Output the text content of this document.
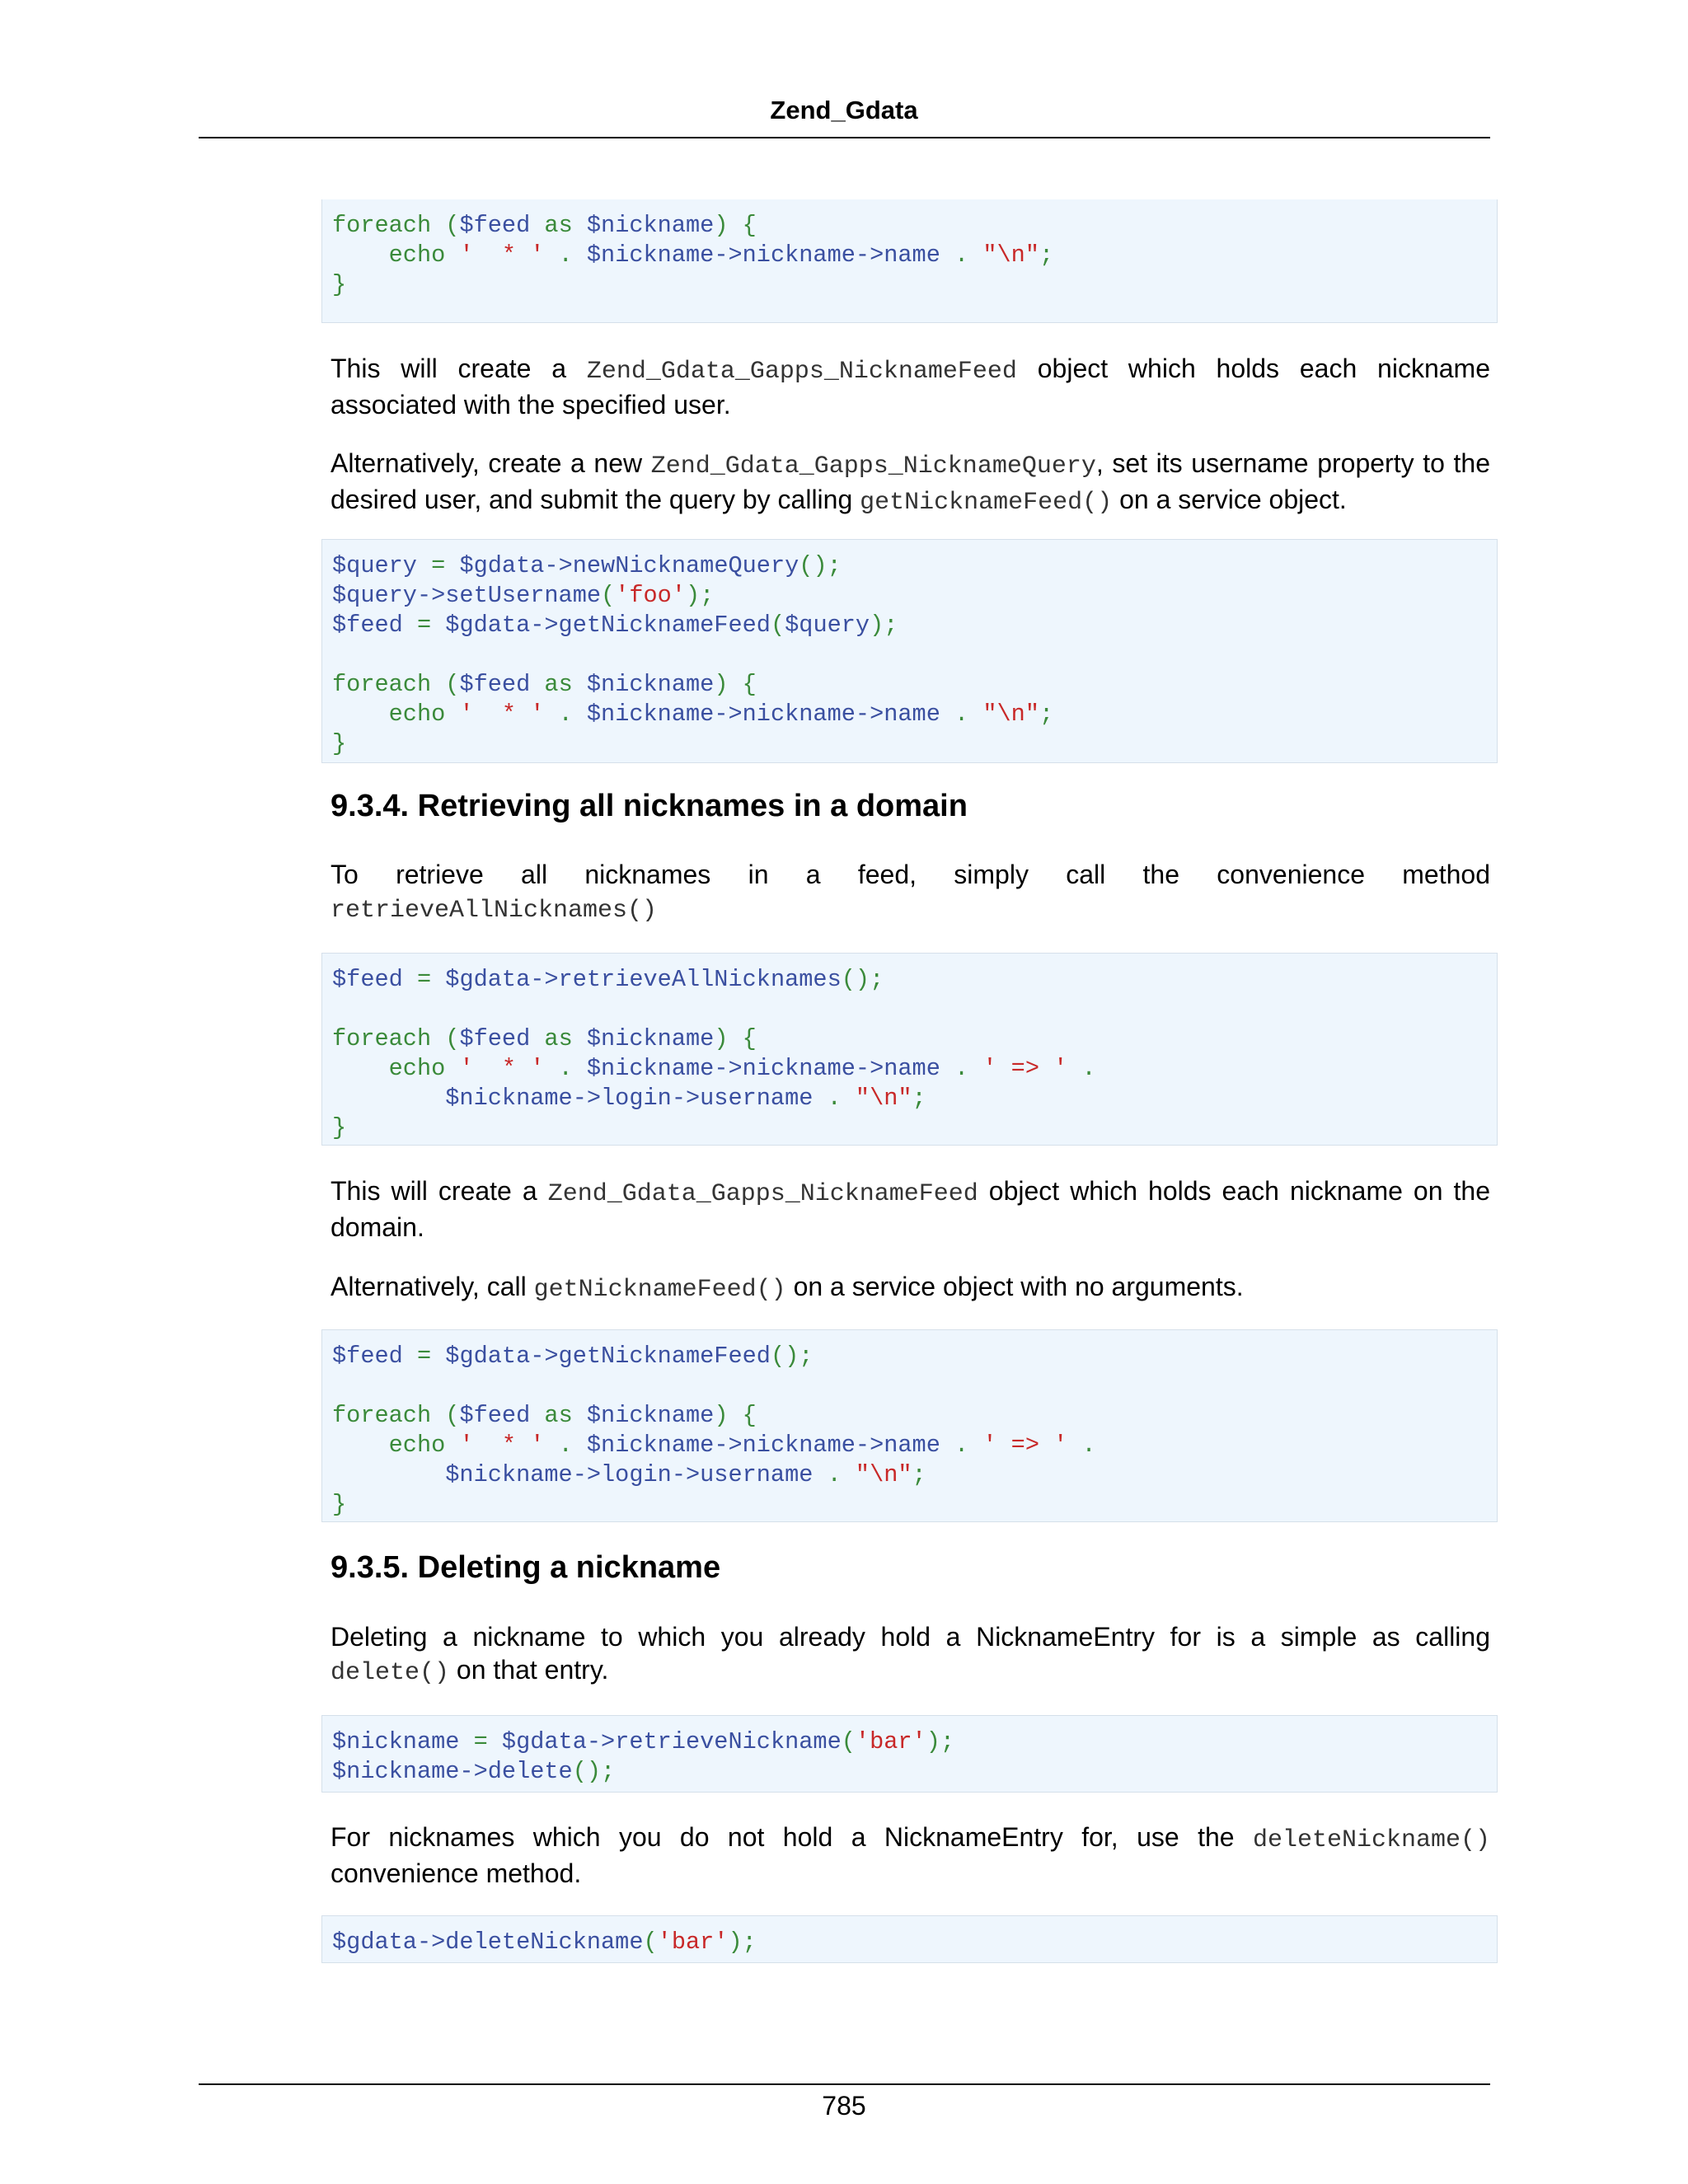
Zend_Gdata
foreach ($feed as $nickname) {
echo '  * ' . $nickname->nickname->name . "\n";
}

This will create a Zend_Gdata_Gapps_NicknameFeed object which holds each nickname associated with the specified user.

Alternatively, create a new Zend_Gdata_Gapps_NicknameQuery, set its username property to the desired user, and submit the query by calling getNicknameFeed() on a service object.

$query = $gdata->newNicknameQuery();
$query->setUsername('foo');
$feed = $gdata->getNicknameFeed($query);
foreach ($feed as $nickname) {
echo '  * ' . $nickname->nickname->name . "\n";
}
9.3.4. Retrieving all nicknames in a domain

To retrieve all nicknames in a feed, simply call the convenience method retrieveAllNicknames()

$feed = $gdata->retrieveAllNicknames();
foreach ($feed as $nickname) {
echo '  * ' . $nickname->nickname->name . ' => ' .
$nickname->login->username . "\n";
}

This will create a Zend_Gdata_Gapps_NicknameFeed object which holds each nickname on the domain.

Alternatively, call getNicknameFeed() on a service object with no arguments.

$feed = $gdata->getNicknameFeed();
foreach ($feed as $nickname) {
echo '  * ' . $nickname->nickname->name . ' => ' .
$nickname->login->username . "\n";
}
9.3.5. Deleting a nickname

Deleting a nickname to which you already hold a NicknameEntry for is a simple as calling delete() on that entry.

$nickname = $gdata->retrieveNickname('bar');
$nickname->delete();

For nicknames which you do not hold a NicknameEntry for, use the deleteNickname() convenience method.

$gdata->deleteNickname('bar');
785
